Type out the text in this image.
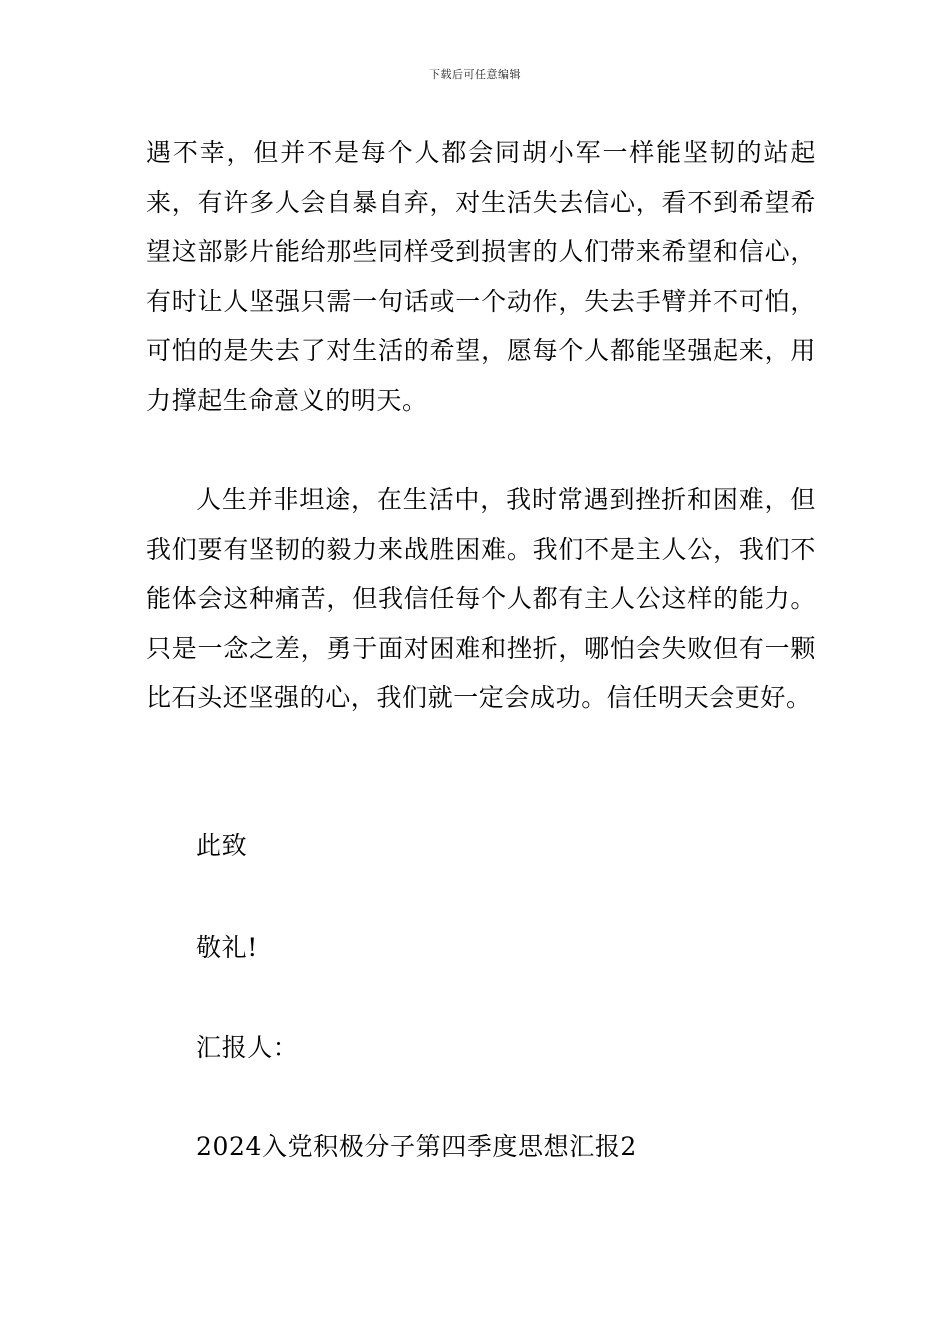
下载后可任意编辑

遇不幸，但并不是每个人都会同胡小军一样能坚韧的站起来，有许多人会自暴自弃，对生活失去信心，看不到希望希望这部影片能给那些同样受到损害的人们带来希望和信心，有时让人坚强只需一句话或一个动作，失去手臂并不可怕，可怕的是失去了对生活的希望，愿每个人都能坚强起来，用力撑起生命意义的明天。

人生并非坦途，在生活中，我时常遇到挫折和困难，但我们要有坚韧的毅力来战胜困难。我们不是主人公，我们不能体会这种痛苦，但我信任每个人都有主人公这样的能力。只是一念之差，勇于面对困难和挫折，哪怕会失败但有一颗比石头还坚强的心，我们就一定会成功。信任明天会更好。

此致

敬礼!

汇报人：

2024入党积极分子第四季度思想汇报2
